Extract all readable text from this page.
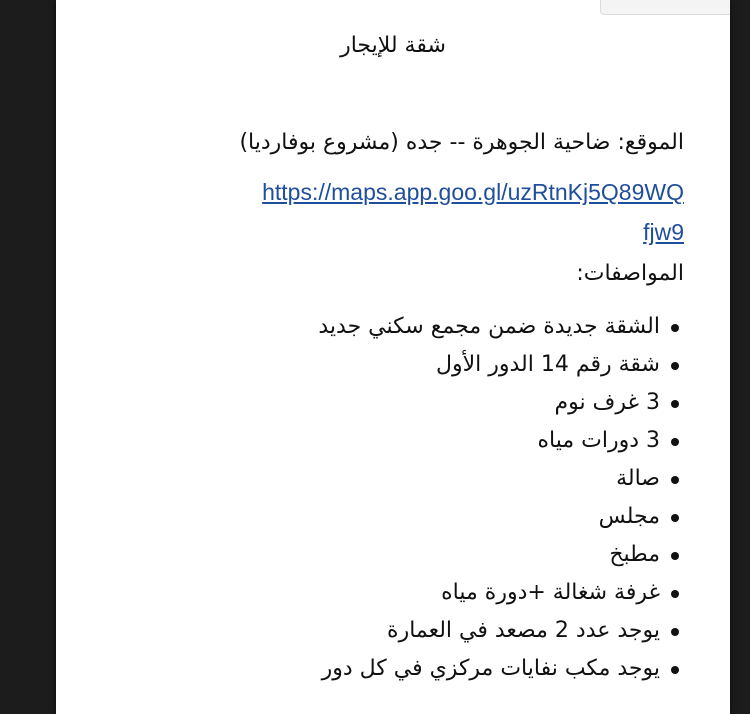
شقة للإيجار
الموقع: ضاحية الجوهرة -- جده (مشروع بوفارديا)
https://maps.app.goo.gl/uzRtnKj5Q89WQ
fjw9
المواصفات:
الشقة جديدة ضمن مجمع سكني جديد
شقة رقم 14 الدور الأول
3 غرف نوم
3 دورات مياه
صالة
مجلس
مطبخ
غرفة شغالة +دورة مياه
يوجد عدد 2 مصعد في العمارة
يوجد مكب نفايات مركزي في كل دور
